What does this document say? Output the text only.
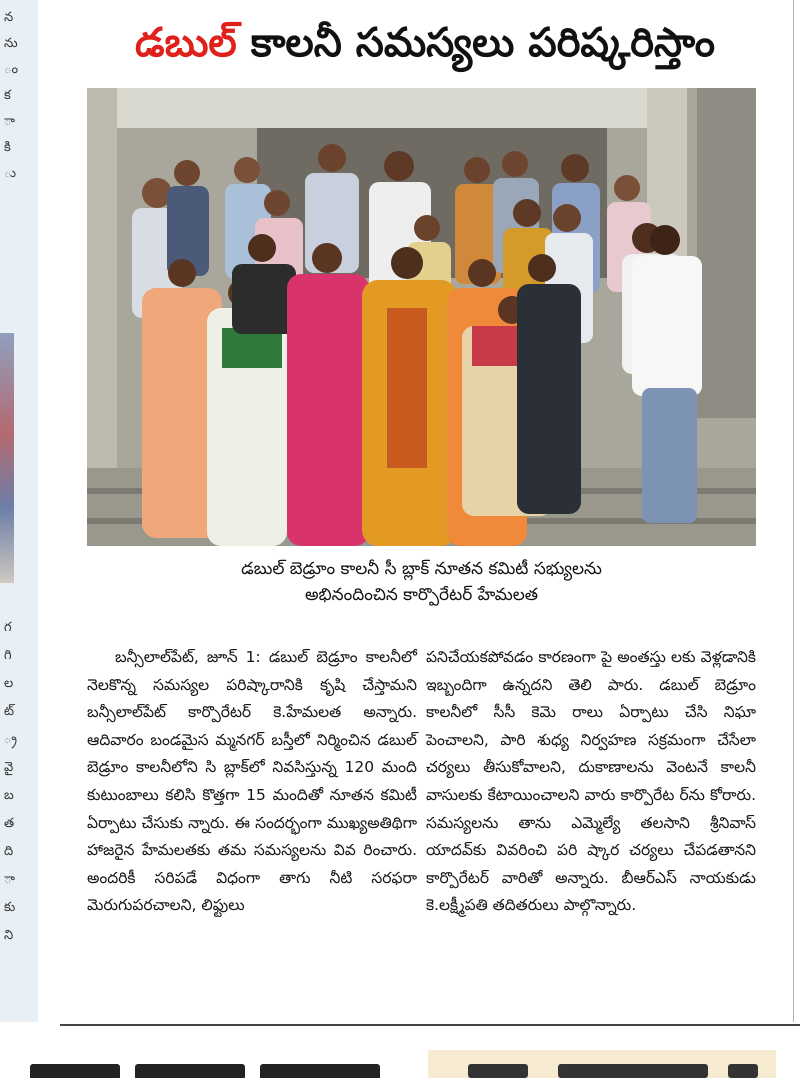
న
ను
ం
క
ా
కి
ు
గ
గి
ల
ట్
్ర
వై
బ
త
ది
ా
కు
ని
డబుల్ కాలనీ సమస్యలు పరిష్కరిస్తాం
డబుల్ బెడ్రూం కాలనీ సీ బ్లాక్ నూతన కమిటీ సభ్యులను
అభినందించిన కార్పొరేటర్ హేమలత
బన్సీలాల్‌పేట్, జూన్ 1: డబుల్ బెడ్రూం కాలనీలో నెలకొన్న సమస్యల పరిష్కారానికి కృషి చేస్తామని బన్సీలాల్‌పేట్ కార్పొరేటర్ కె.హేమలత అన్నారు. ఆదివారం బండమైస మ్మనగర్ బస్తీలో నిర్మించిన డబుల్ బెడ్రూం కాలనీలోని సి బ్లాక్‌లో నివసిస్తున్న 120 మంది కుటుంబాలు కలిసి కొత్తగా 15 మందితో నూతన కమిటీ ఏర్పాటు చేసుకు న్నారు. ఈ సందర్భంగా ముఖ్యఅతిథిగా హాజరైన హేమలతకు తమ సమస్యలను వివ రించారు. అందరికీ సరిపడే విధంగా తాగు నీటి సరఫరా మెరుగుపరచాలని, లిఫ్టులు
పనిచేయకపోవడం కారణంగా పై అంతస్తు లకు వెళ్లడానికి ఇబ్బందిగా ఉన్నదని తెలి పారు. డబుల్ బెడ్రూం కాలనీలో సీసీ కెమె రాలు ఏర్పాటు చేసి నిఘా పెంచాలని, పారి శుధ్య నిర్వహణ సక్రమంగా చేసేలా చర్యలు తీసుకోవాలని, దుకాణాలను వెంటనే కాలనీ వాసులకు కేటాయించాలని వారు కార్పొరేట ర్‌ను కోరారు. సమస్యలను తాను ఎమ్మెల్యే తలసాని శ్రీనివాస్ యాదవ్‌కు వివరించి పరి ష్కార చర్యలు చేపడతానని కార్పొరేటర్ వారితో అన్నారు. బీఆర్‌ఎస్ నాయకుడు కె.లక్ష్మీపతి తదితరులు పాల్గొన్నారు.
